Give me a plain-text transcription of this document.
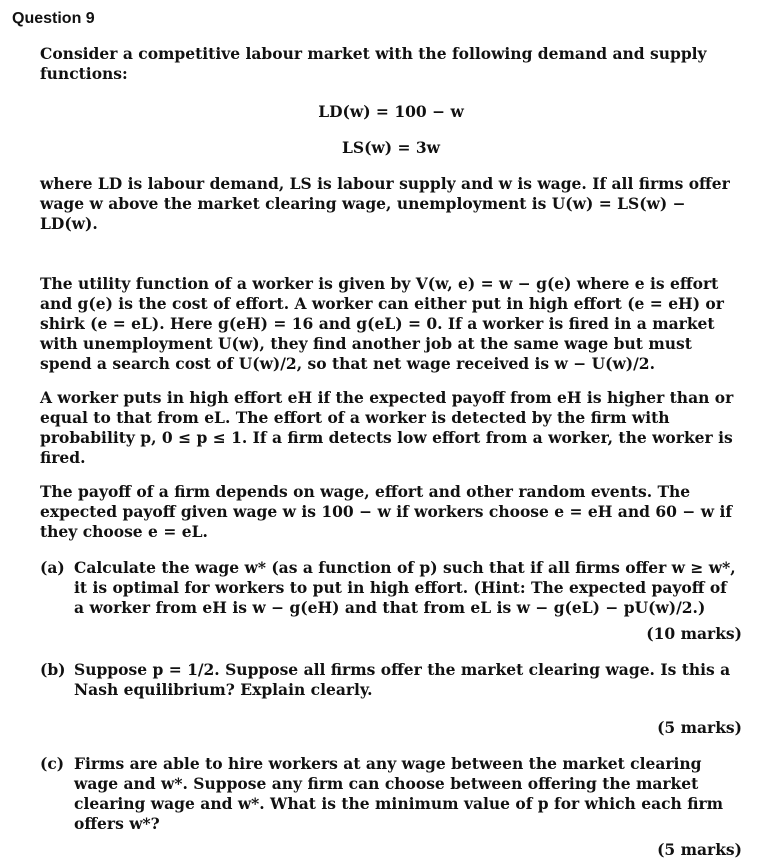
Question 9

Consider a competitive labour market with the following demand and supply functions:

LD(w) = 100 − w

LS(w) = 3w

where LD is labour demand, LS is labour supply and w is wage. If all firms offer wage w above the market clearing wage, unemployment is U(w) = LS(w) − LD(w).

The utility function of a worker is given by V(w, e) = w − g(e) where e is effort and g(e) is the cost of effort. A worker can either put in high effort (e = eH) or shirk (e = eL). Here g(eH) = 16 and g(eL) = 0. If a worker is fired in a market with unemployment U(w), they find another job at the same wage but must spend a search cost of U(w)/2, so that net wage received is w − U(w)/2.

A worker puts in high effort eH if the expected payoff from eH is higher than or equal to that from eL. The effort of a worker is detected by the firm with probability p, 0 ≤ p ≤ 1. If a firm detects low effort from a worker, the worker is fired.

The payoff of a firm depends on wage, effort and other random events. The expected payoff given wage w is 100 − w if workers choose e = eH and 60 − w if they choose e = eL.

(a) Calculate the wage w* (as a function of p) such that if all firms offer w ≥ w*, it is optimal for workers to put in high effort. (Hint: The expected payoff of a worker from eH is w − g(eH) and that from eL is w − g(eL) − pU(w)/2.)
(10 marks)
(b) Suppose p = 1/2. Suppose all firms offer the market clearing wage. Is this a Nash equilibrium? Explain clearly.
(5 marks)
(c) Firms are able to hire workers at any wage between the market clearing wage and w*. Suppose any firm can choose between offering the market clearing wage and w*. What is the minimum value of p for which each firm offers w*?
(5 marks)
